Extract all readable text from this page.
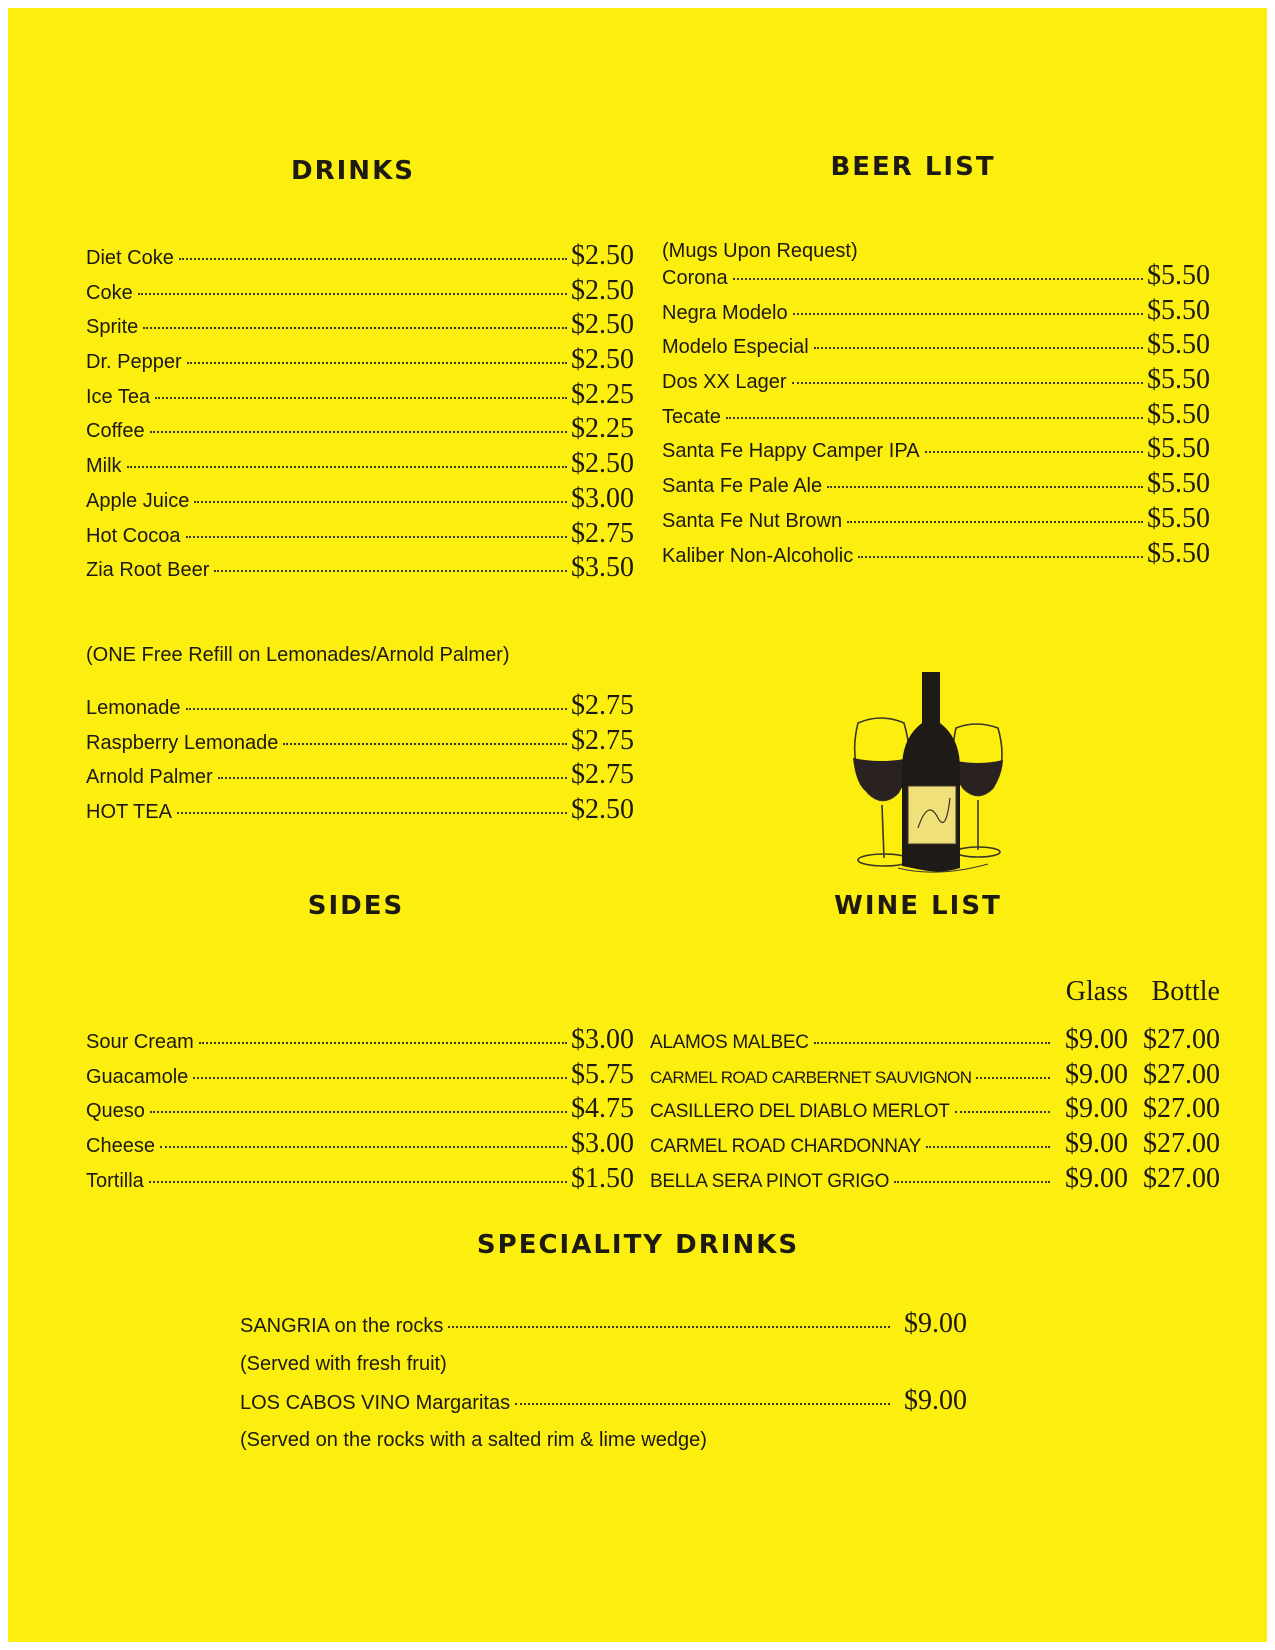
DRINKS
Diet Coke	$2.50
Coke	$2.50
Sprite	$2.50
Dr. Pepper	$2.50
Ice Tea	$2.25
Coffee	$2.25
Milk	$2.50
Apple Juice	$3.00
Hot Cocoa	$2.75
Zia Root Beer	$3.50
(ONE Free Refill on Lemonades/Arnold Palmer)
Lemonade	$2.75
Raspberry Lemonade	$2.75
Arnold Palmer	$2.75
HOT TEA	$2.50
BEER LIST
(Mugs Upon Request)
Corona	$5.50
Negra Modelo	$5.50
Modelo Especial	$5.50
Dos XX Lager	$5.50
Tecate	$5.50
Santa Fe Happy Camper IPA	$5.50
Santa Fe Pale Ale	$5.50
Santa Fe Nut Brown	$5.50
Kaliber Non-Alcoholic	$5.50
SIDES
Sour Cream	$3.00
Guacamole	$5.75
Queso	$4.75
Cheese	$3.00
Tortilla	$1.50
WINE LIST
Glass Bottle
ALAMOS MALBEC	$9.00 $27.00
CARMEL ROAD CARBERNET SAUVIGNON	$9.00 $27.00
CASILLERO DEL DIABLO MERLOT	$9.00 $27.00
CARMEL ROAD CHARDONNAY	$9.00 $27.00
BELLA SERA PINOT GRIGO	$9.00 $27.00
SPECIALITY DRINKS
SANGRIA on the rocks	$9.00
(Served with fresh fruit)
LOS CABOS VINO Margaritas	$9.00
(Served on the rocks with a salted rim & lime wedge)
